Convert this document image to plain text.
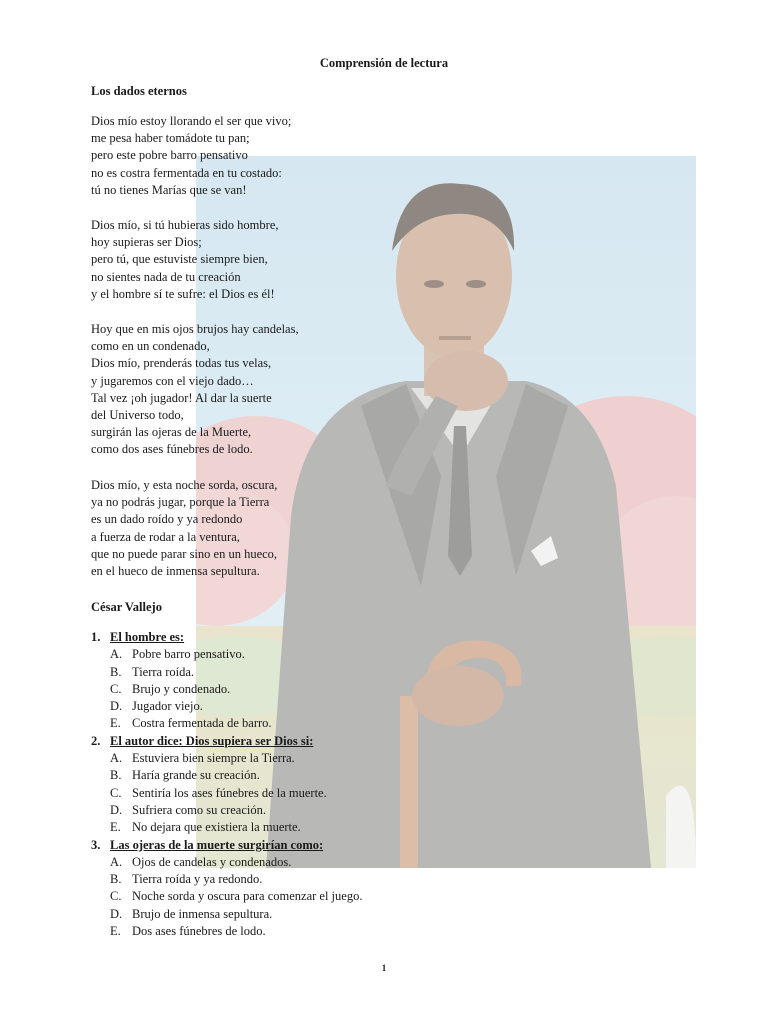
Comprensión de lectura
Los dados eternos
Dios mío estoy llorando el ser que vivo;
me pesa haber tomádote tu pan;
pero este pobre barro pensativo
no es costra fermentada en tu costado:
tú no tienes Marías que se van!
Dios mío, si tú hubieras sido hombre,
hoy supieras ser Dios;
pero tú, que estuviste siempre bien,
no sientes nada de tu creación
y el hombre sí te sufre: el Dios es él!
Hoy que en mis ojos brujos hay candelas,
como en un condenado,
Dios mío, prenderás todas tus velas,
y jugaremos con el viejo dado…
Tal vez ¡oh jugador! Al dar la suerte
del Universo todo,
surgirán las ojeras de la Muerte,
como dos ases fúnebres de lodo.
Dios mío, y esta noche sorda, oscura,
ya no podrás jugar, porque la Tierra
es un dado roído y ya redondo
a fuerza de rodar a la ventura,
que no puede parar sino en un hueco,
en el hueco de inmensa sepultura.
César Vallejo
1. El hombre es:
A. Pobre barro pensativo.
B. Tierra roída.
C. Brujo y condenado.
D. Jugador viejo.
E. Costra fermentada de barro.
2. El autor dice: Dios supiera ser Dios si:
A. Estuviera bien siempre la Tierra.
B. Haría grande su creación.
C. Sentiría los ases fúnebres de la muerte.
D. Sufriera como su creación.
E. No dejara que existiera la muerte.
3. Las ojeras de la muerte surgirían como:
A. Ojos de candelas y condenados.
B. Tierra roída y ya redondo.
C. Noche sorda y oscura para comenzar el juego.
D. Brujo de inmensa sepultura.
E. Dos ases fúnebres de lodo.
1
